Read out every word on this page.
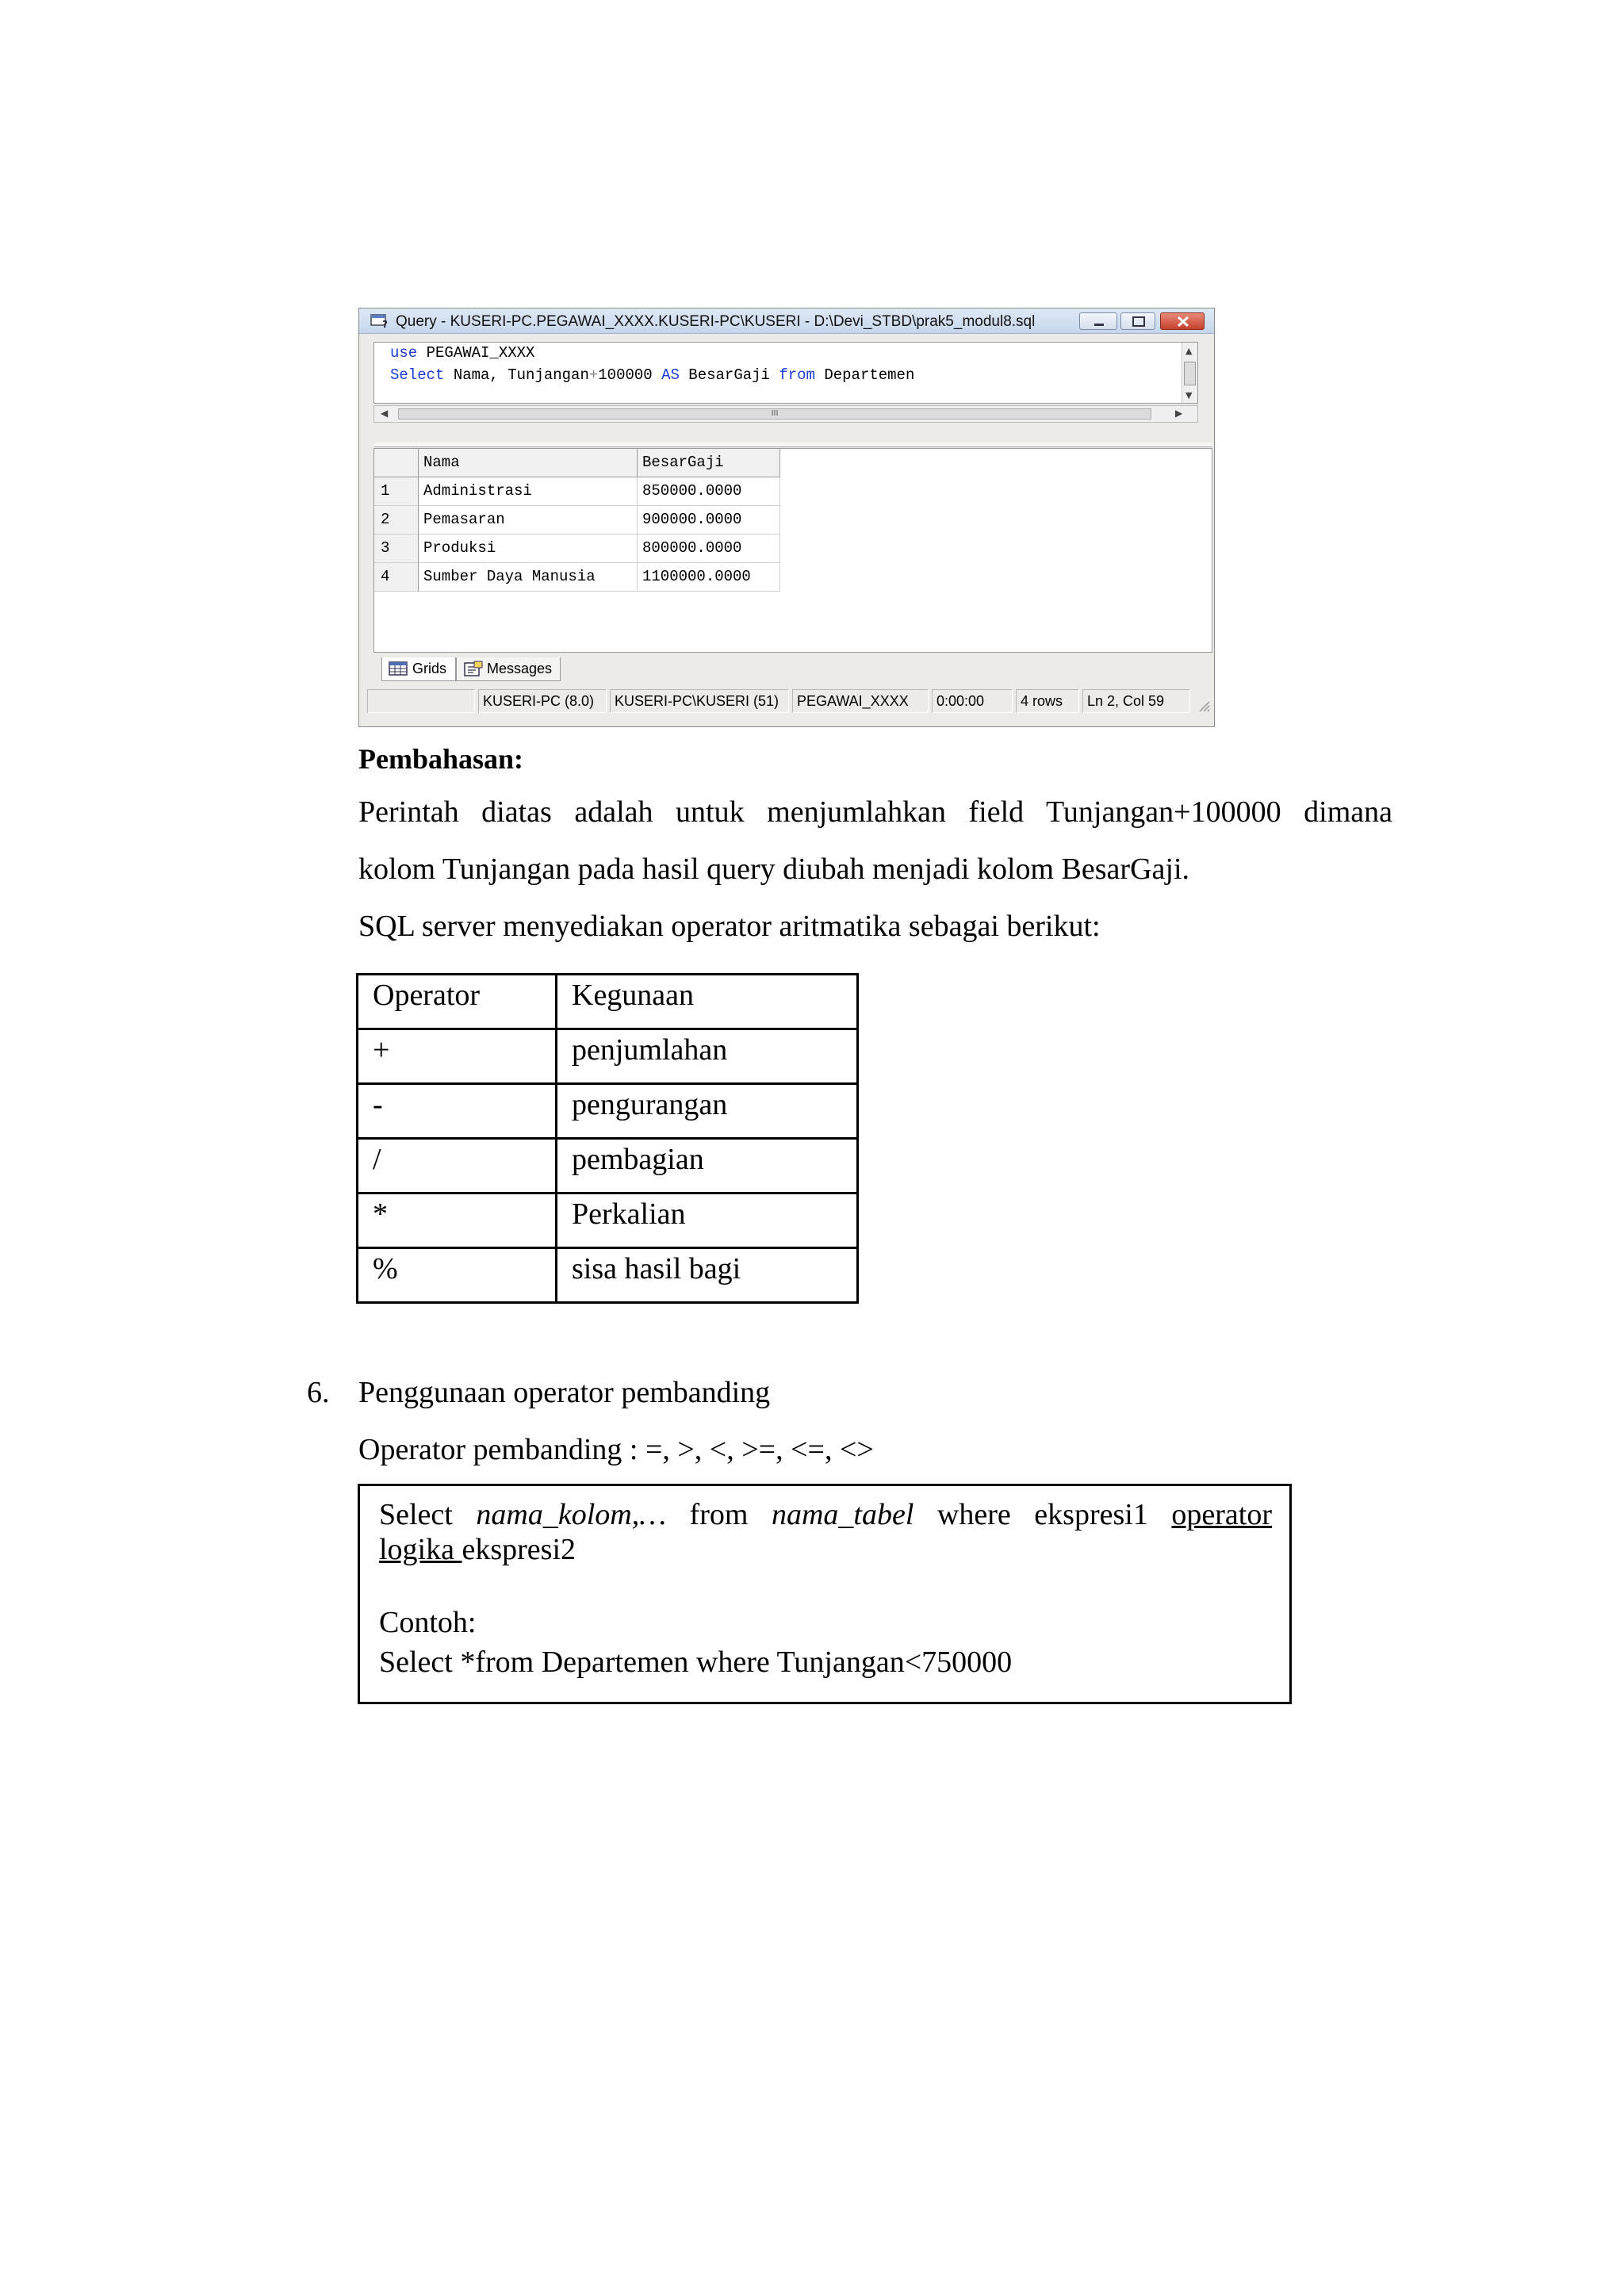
? Query - KUSERI-PC.PEGAWAI_XXXX.KUSERI-PC\KUSERI - D:\Devi_STBD\prak5_modul8.sql
use PEGAWAI_XXXX
Select Nama, Tunjangan+100000 AS BesarGaji from Departemen
▲
▼
◀	III	▶
Nama	BesarGaji
1	Administrasi	850000.0000
2	Pemasaran	900000.0000
3	Produksi	800000.0000
4	Sumber Daya Manusia	1100000.0000
Grids	Messages
KUSERI-PC (8.0)	KUSERI-PC\KUSERI (51)	PEGAWAI_XXXX	0:00:00	4 rows	Ln 2, Col 59
Pembahasan:
Perintah diatas adalah untuk menjumlahkan field Tunjangan+100000 dimana
kolom Tunjangan pada hasil query diubah menjadi kolom BesarGaji.
SQL server menyediakan operator aritmatika sebagai berikut:
Operator	Kegunaan
+	penjumlahan
-	pengurangan
/	pembagian
*	Perkalian
%	sisa hasil bagi
6. Penggunaan operator pembanding
Operator pembanding : =, >, <, >=, <=, <>
Select nama_kolom,… from nama_tabel where ekspresi1 operator
logika ekspresi2
Contoh:
Select *from Departemen where Tunjangan<750000
